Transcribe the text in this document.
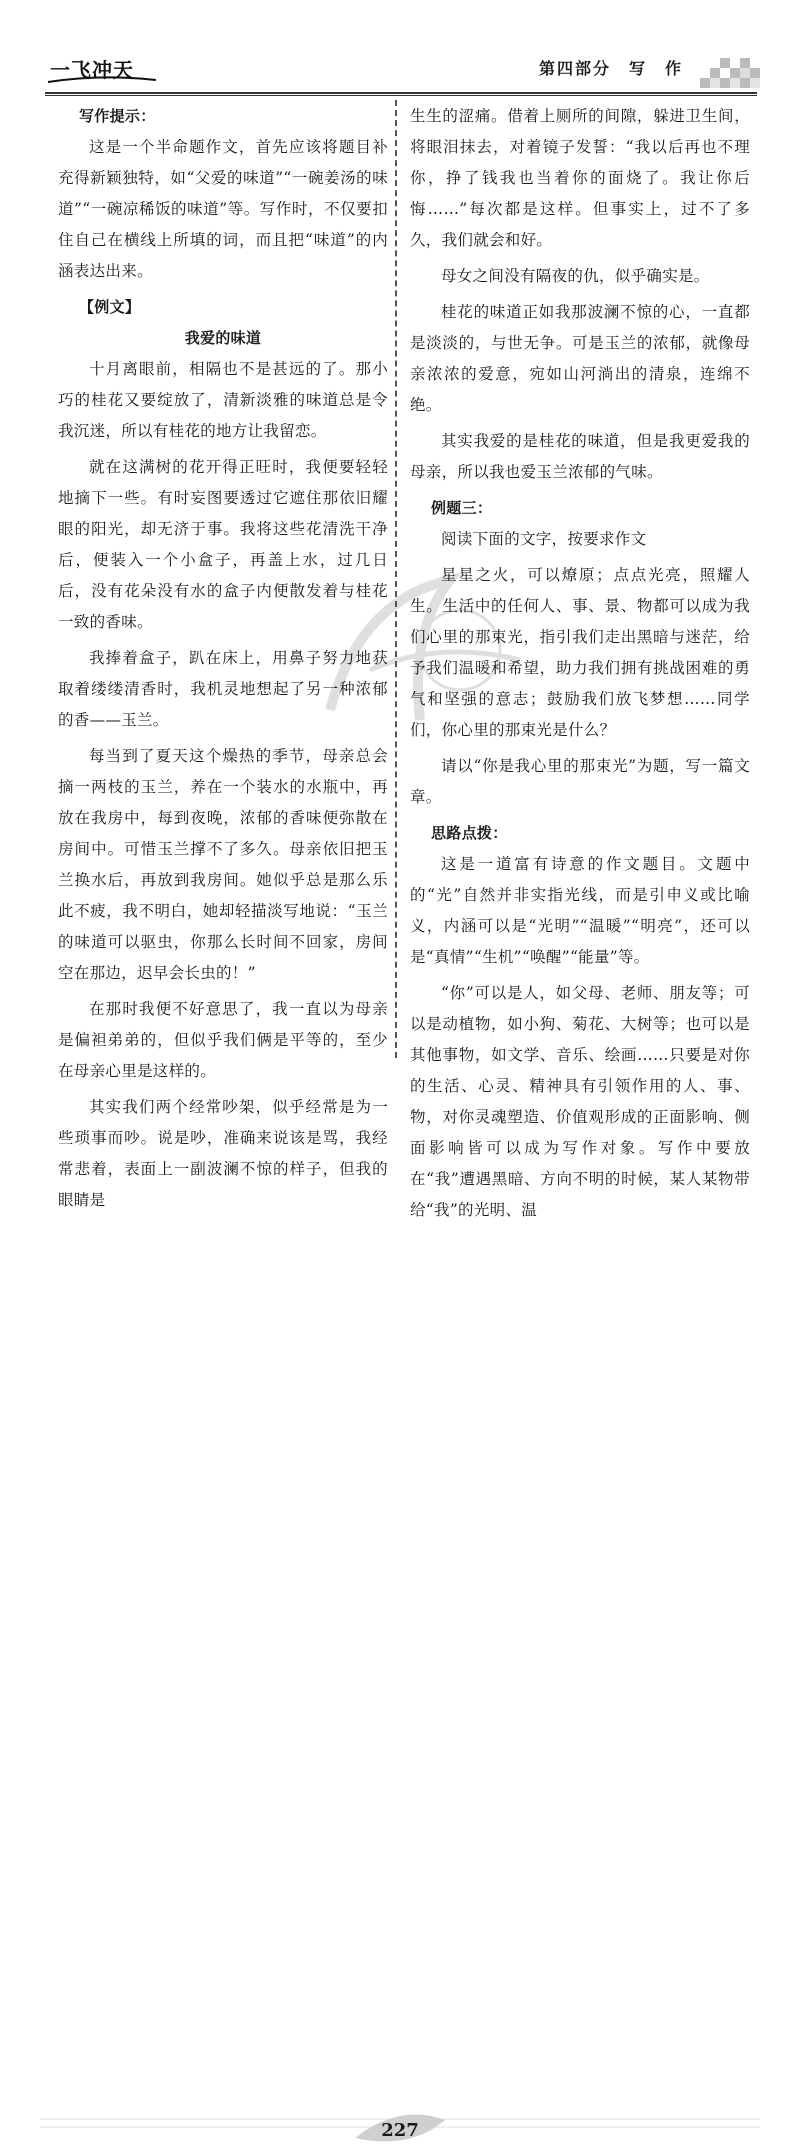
一飞冲天	第四部分　写　作

写作提示：

这是一个半命题作文，首先应该将题目补充得新颖独特，如“父爱的味道”“一碗姜汤的味道”“一碗凉稀饭的味道”等。写作时，不仅要扣住自己在横线上所填的词，而且把“味道”的内涵表达出来。

【例文】

我爱的味道

十月离眼前，相隔也不是甚远的了。那小巧的桂花又要绽放了，清新淡雅的味道总是令我沉迷，所以有桂花的地方让我留恋。

就在这满树的花开得正旺时，我便要轻轻地摘下一些。有时妄图要透过它遮住那依旧耀眼的阳光，却无济于事。我将这些花清洗干净后，便装入一个小盒子，再盖上水，过几日后，没有花朵没有水的盒子内便散发着与桂花一致的香味。

我捧着盒子，趴在床上，用鼻子努力地获取着缕缕清香时，我机灵地想起了另一种浓郁的香——玉兰。

每当到了夏天这个燥热的季节，母亲总会摘一两枝的玉兰，养在一个装水的水瓶中，再放在我房中，每到夜晚，浓郁的香味便弥散在房间中。可惜玉兰撑不了多久。母亲依旧把玉兰换水后，再放到我房间。她似乎总是那么乐此不疲，我不明白，她却轻描淡写地说：“玉兰的味道可以驱虫，你那么长时间不回家，房间空在那边，迟早会长虫的！”

在那时我便不好意思了，我一直以为母亲是偏袒弟弟的，但似乎我们俩是平等的，至少在母亲心里是这样的。

其实我们两个经常吵架，似乎经常是为一些琐事而吵。说是吵，准确来说该是骂，我经常悲着，表面上一副波澜不惊的样子，但我的眼睛是

生生的涩痛。借着上厕所的间隙，躲进卫生间，将眼泪抹去，对着镜子发誓：“我以后再也不理你，挣了钱我也当着你的面烧了。我让你后悔……”每次都是这样。但事实上，过不了多久，我们就会和好。

母女之间没有隔夜的仇，似乎确实是。

桂花的味道正如我那波澜不惊的心，一直都是淡淡的，与世无争。可是玉兰的浓郁，就像母亲浓浓的爱意，宛如山河淌出的清泉，连绵不绝。

其实我爱的是桂花的味道，但是我更爱我的母亲，所以我也爱玉兰浓郁的气味。

例题三：

阅读下面的文字，按要求作文

星星之火，可以燎原；点点光亮，照耀人生。生活中的任何人、事、景、物都可以成为我们心里的那束光，指引我们走出黑暗与迷茫，给予我们温暖和希望，助力我们拥有挑战困难的勇气和坚强的意志；鼓励我们放飞梦想……同学们，你心里的那束光是什么？

请以“你是我心里的那束光”为题，写一篇文章。

思路点拨：

这是一道富有诗意的作文题目。文题中的“光”自然并非实指光线，而是引申义或比喻义，内涵可以是“光明”“温暖”“明亮”，还可以是“真情”“生机”“唤醒”“能量”等。

“你”可以是人，如父母、老师、朋友等；可以是动植物，如小狗、菊花、大树等；也可以是其他事物，如文学、音乐、绘画……只要是对你的生活、心灵、精神具有引领作用的人、事、物，对你灵魂塑造、价值观形成的正面影响、侧面影响皆可以成为写作对象。写作中要放在“我”遭遇黑暗、方向不明的时候，某人某物带给“我”的光明、温

227
